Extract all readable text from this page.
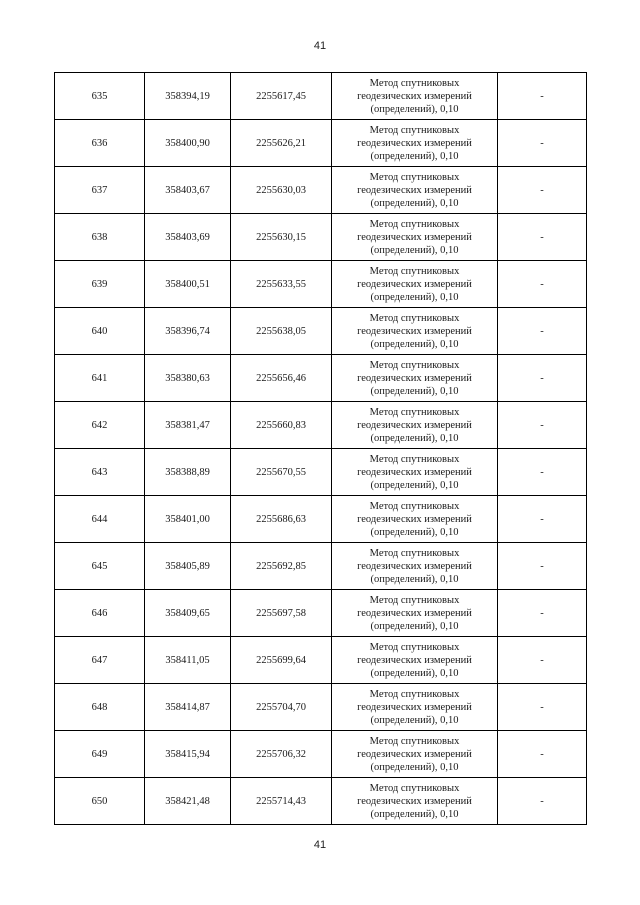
41
635	358394,19	2255617,45	Метод спутниковых
геодезических измерений
(определений), 0,10	-
636	358400,90	2255626,21	Метод спутниковых
геодезических измерений
(определений), 0,10	-
637	358403,67	2255630,03	Метод спутниковых
геодезических измерений
(определений), 0,10	-
638	358403,69	2255630,15	Метод спутниковых
геодезических измерений
(определений), 0,10	-
639	358400,51	2255633,55	Метод спутниковых
геодезических измерений
(определений), 0,10	-
640	358396,74	2255638,05	Метод спутниковых
геодезических измерений
(определений), 0,10	-
641	358380,63	2255656,46	Метод спутниковых
геодезических измерений
(определений), 0,10	-
642	358381,47	2255660,83	Метод спутниковых
геодезических измерений
(определений), 0,10	-
643	358388,89	2255670,55	Метод спутниковых
геодезических измерений
(определений), 0,10	-
644	358401,00	2255686,63	Метод спутниковых
геодезических измерений
(определений), 0,10	-
645	358405,89	2255692,85	Метод спутниковых
геодезических измерений
(определений), 0,10	-
646	358409,65	2255697,58	Метод спутниковых
геодезических измерений
(определений), 0,10	-
647	358411,05	2255699,64	Метод спутниковых
геодезических измерений
(определений), 0,10	-
648	358414,87	2255704,70	Метод спутниковых
геодезических измерений
(определений), 0,10	-
649	358415,94	2255706,32	Метод спутниковых
геодезических измерений
(определений), 0,10	-
650	358421,48	2255714,43	Метод спутниковых
геодезических измерений
(определений), 0,10	-
41
